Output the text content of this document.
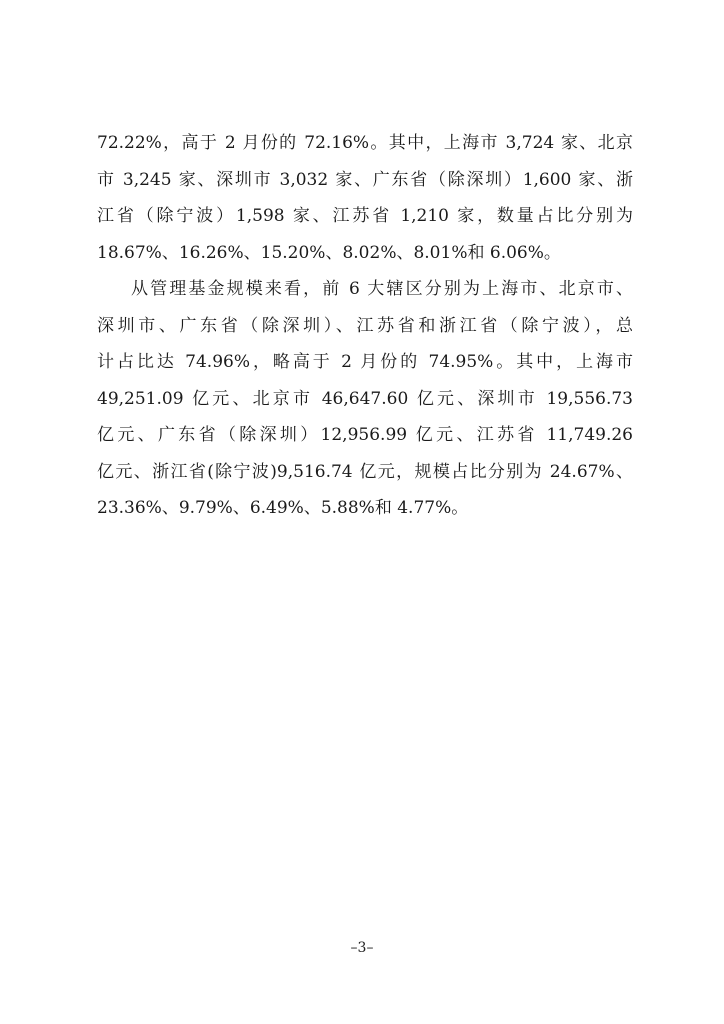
72.22%，高于 2 月份的 72.16%。其中，上海市 3,724 家、北京
市 3,245 家、深圳市 3,032 家、广东省（除深圳）1,600 家、浙
江省（除宁波）1,598 家、江苏省 1,210 家，数量占比分别为
18.67%、16.26%、15.20%、8.02%、8.01%和 6.06%。
从管理基金规模来看，前 6 大辖区分别为上海市、北京市、
深圳市、广东省（除深圳）、江苏省和浙江省（除宁波），总
计占比达 74.96%，略高于 2 月份的 74.95%。其中，上海市
49,251.09 亿元、北京市 46,647.60 亿元、深圳市 19,556.73
亿元、广东省（除深圳）12,956.99 亿元、江苏省 11,749.26
亿元、浙江省(除宁波)9,516.74 亿元，规模占比分别为 24.67%、
23.36%、9.79%、6.49%、5.88%和 4.77%。
–3–
